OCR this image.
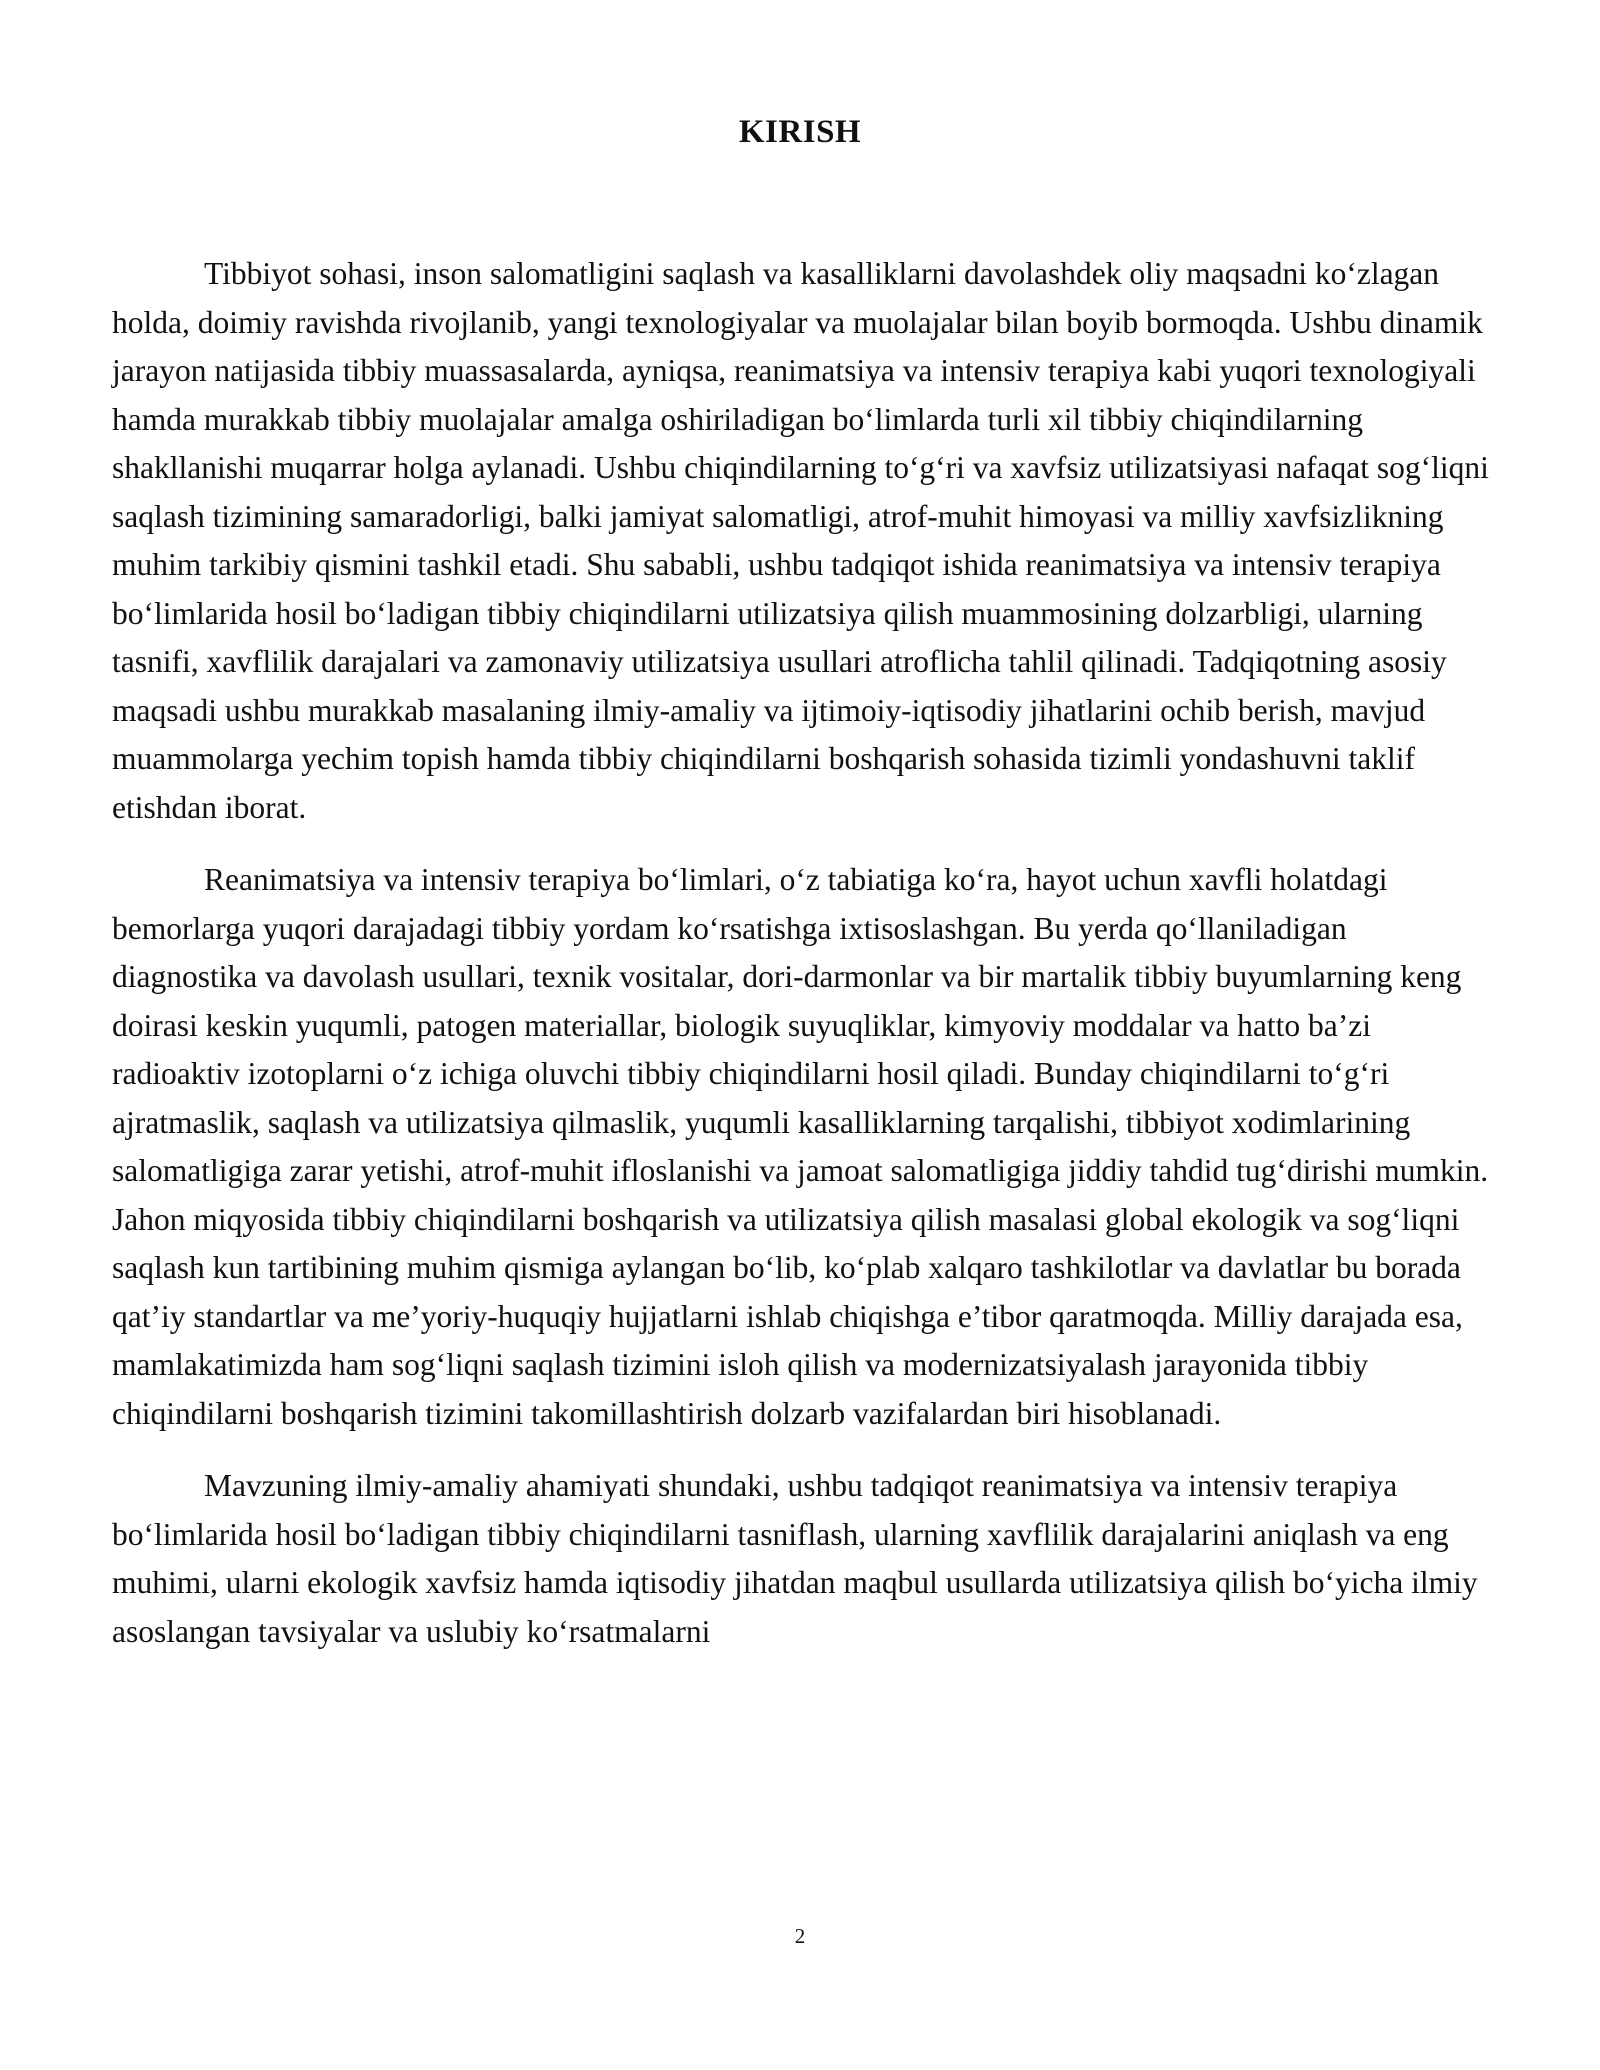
KIRISH

Tibbiyot sohasi, inson salomatligini saqlash va kasalliklarni davolashdek oliy maqsadni ko‘zlagan holda, doimiy ravishda rivojlanib, yangi texnologiyalar va muolajalar bilan boyib bormoqda. Ushbu dinamik jarayon natijasida tibbiy muassasalarda, ayniqsa, reanimatsiya va intensiv terapiya kabi yuqori texnologiyali hamda murakkab tibbiy muolajalar amalga oshiriladigan bo‘limlarda turli xil tibbiy chiqindilarning shakllanishi muqarrar holga aylanadi. Ushbu chiqindilarning to‘g‘ri va xavfsiz utilizatsiyasi nafaqat sog‘liqni saqlash tizimining samaradorligi, balki jamiyat salomatligi, atrof-muhit himoyasi va milliy xavfsizlikning muhim tarkibiy qismini tashkil etadi. Shu sababli, ushbu tadqiqot ishida reanimatsiya va intensiv terapiya bo‘limlarida hosil bo‘ladigan tibbiy chiqindilarni utilizatsiya qilish muammosining dolzarbligi, ularning tasnifi, xavflilik darajalari va zamonaviy utilizatsiya usullari atroflicha tahlil qilinadi. Tadqiqotning asosiy maqsadi ushbu murakkab masalaning ilmiy-amaliy va ijtimoiy-iqtisodiy jihatlarini ochib berish, mavjud muammolarga yechim topish hamda tibbiy chiqindilarni boshqarish sohasida tizimli yondashuvni taklif etishdan iborat.

Reanimatsiya va intensiv terapiya bo‘limlari, o‘z tabiatiga ko‘ra, hayot uchun xavfli holatdagi bemorlarga yuqori darajadagi tibbiy yordam ko‘rsatishga ixtisoslashgan. Bu yerda qo‘llaniladigan diagnostika va davolash usullari, texnik vositalar, dori-darmonlar va bir martalik tibbiy buyumlarning keng doirasi keskin yuqumli, patogen materiallar, biologik suyuqliklar, kimyoviy moddalar va hatto ba’zi radioaktiv izotoplarni o‘z ichiga oluvchi tibbiy chiqindilarni hosil qiladi. Bunday chiqindilarni to‘g‘ri ajratmaslik, saqlash va utilizatsiya qilmaslik, yuqumli kasalliklarning tarqalishi, tibbiyot xodimlarining salomatligiga zarar yetishi, atrof-muhit ifloslanishi va jamoat salomatligiga jiddiy tahdid tug‘dirishi mumkin. Jahon miqyosida tibbiy chiqindilarni boshqarish va utilizatsiya qilish masalasi global ekologik va sog‘liqni saqlash kun tartibining muhim qismiga aylangan bo‘lib, ko‘plab xalqaro tashkilotlar va davlatlar bu borada qat’iy standartlar va me’yoriy-huquqiy hujjatlarni ishlab chiqishga e’tibor qaratmoqda. Milliy darajada esa, mamlakatimizda ham sog‘liqni saqlash tizimini isloh qilish va modernizatsiyalash jarayonida tibbiy chiqindilarni boshqarish tizimini takomillashtirish dolzarb vazifalardan biri hisoblanadi.

Mavzuning ilmiy-amaliy ahamiyati shundaki, ushbu tadqiqot reanimatsiya va intensiv terapiya bo‘limlarida hosil bo‘ladigan tibbiy chiqindilarni tasniflash, ularning xavflilik darajalarini aniqlash va eng muhimi, ularni ekologik xavfsiz hamda iqtisodiy jihatdan maqbul usullarda utilizatsiya qilish bo‘yicha ilmiy asoslangan tavsiyalar va uslubiy ko‘rsatmalarni

2
